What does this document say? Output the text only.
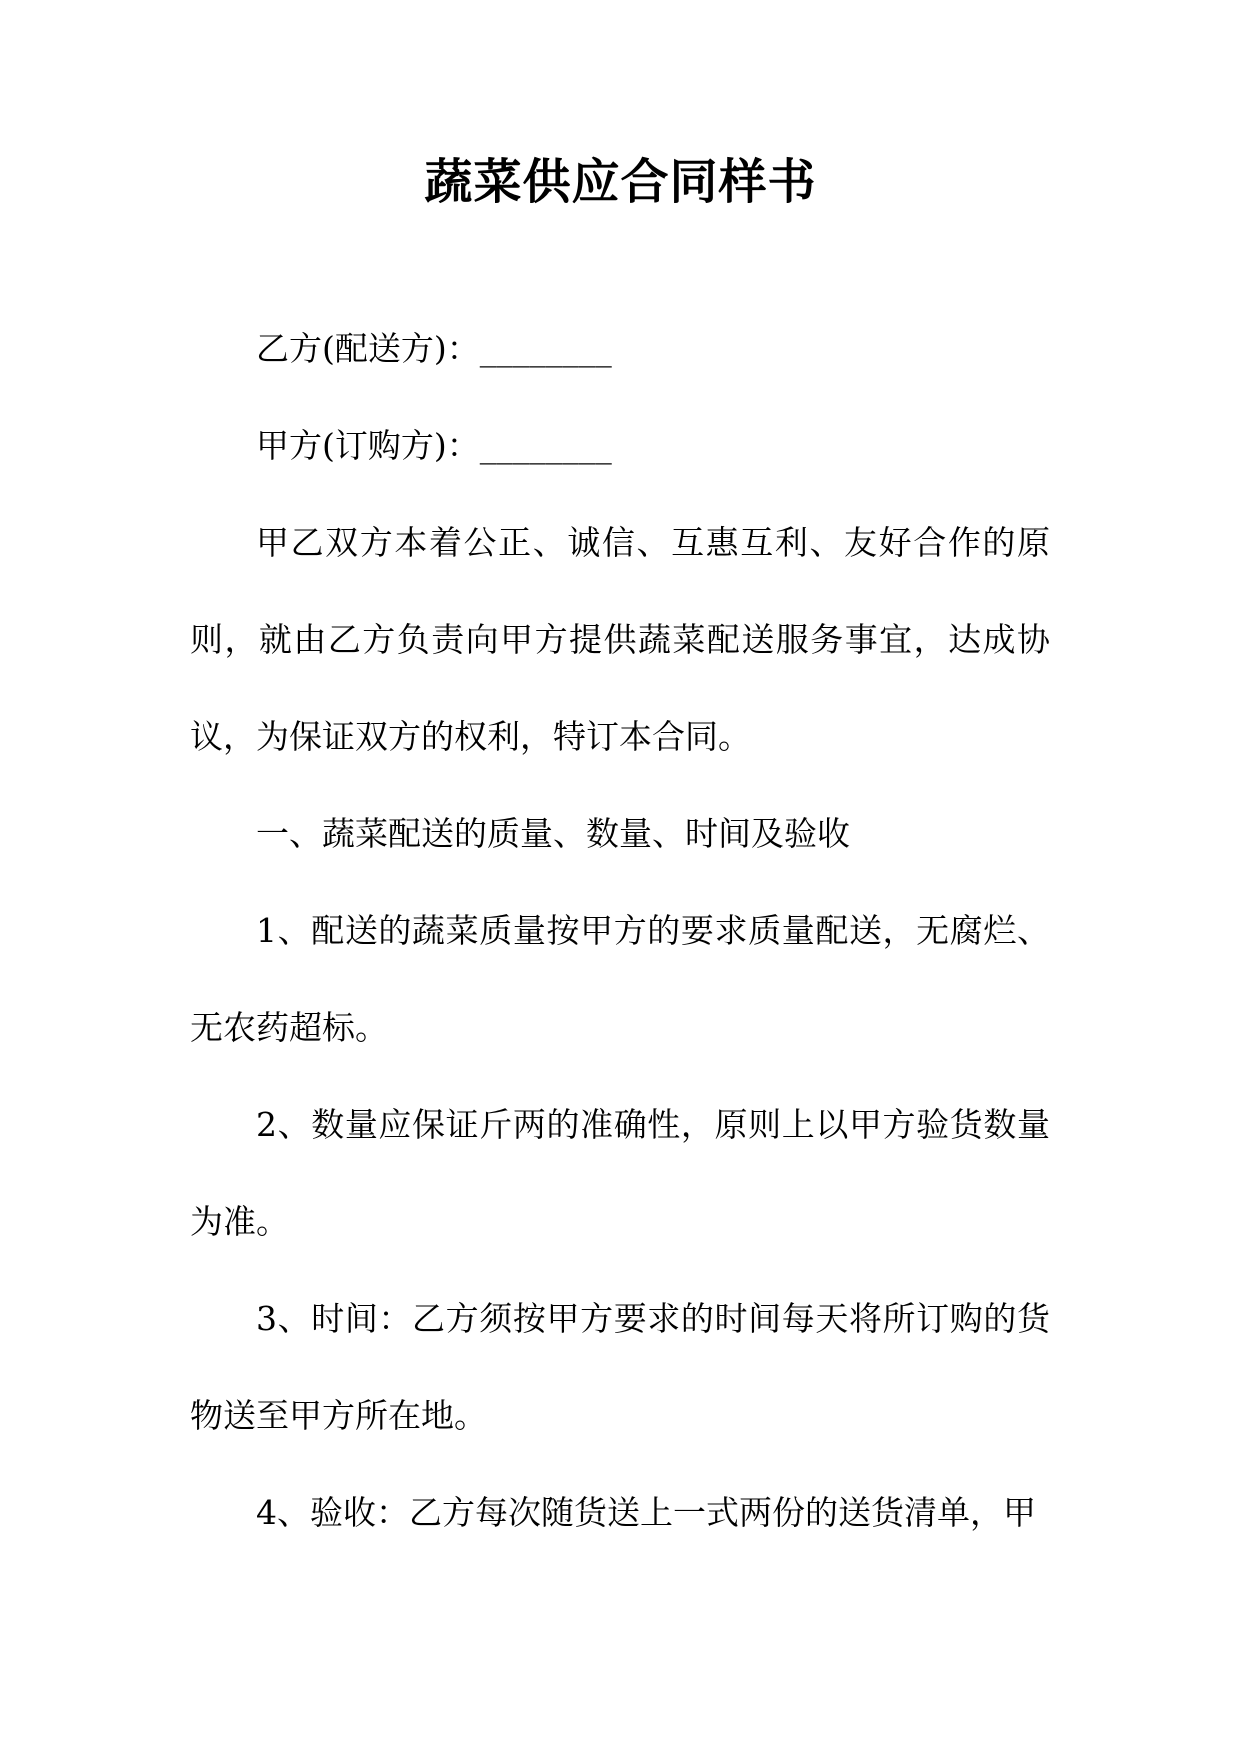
蔬菜供应合同样书

乙方(配送方)：________

甲方(订购方)：________

甲乙双方本着公正、诚信、互惠互利、友好合作的原则，就由乙方负责向甲方提供蔬菜配送服务事宜，达成协议，为保证双方的权利，特订本合同。

一、蔬菜配送的质量、数量、时间及验收

1、配送的蔬菜质量按甲方的要求质量配送，无腐烂、无农药超标。

2、数量应保证斤两的准确性，原则上以甲方验货数量为准。

3、时间：乙方须按甲方要求的时间每天将所订购的货物送至甲方所在地。

4、验收：乙方每次随货送上一式两份的送货清单，甲
